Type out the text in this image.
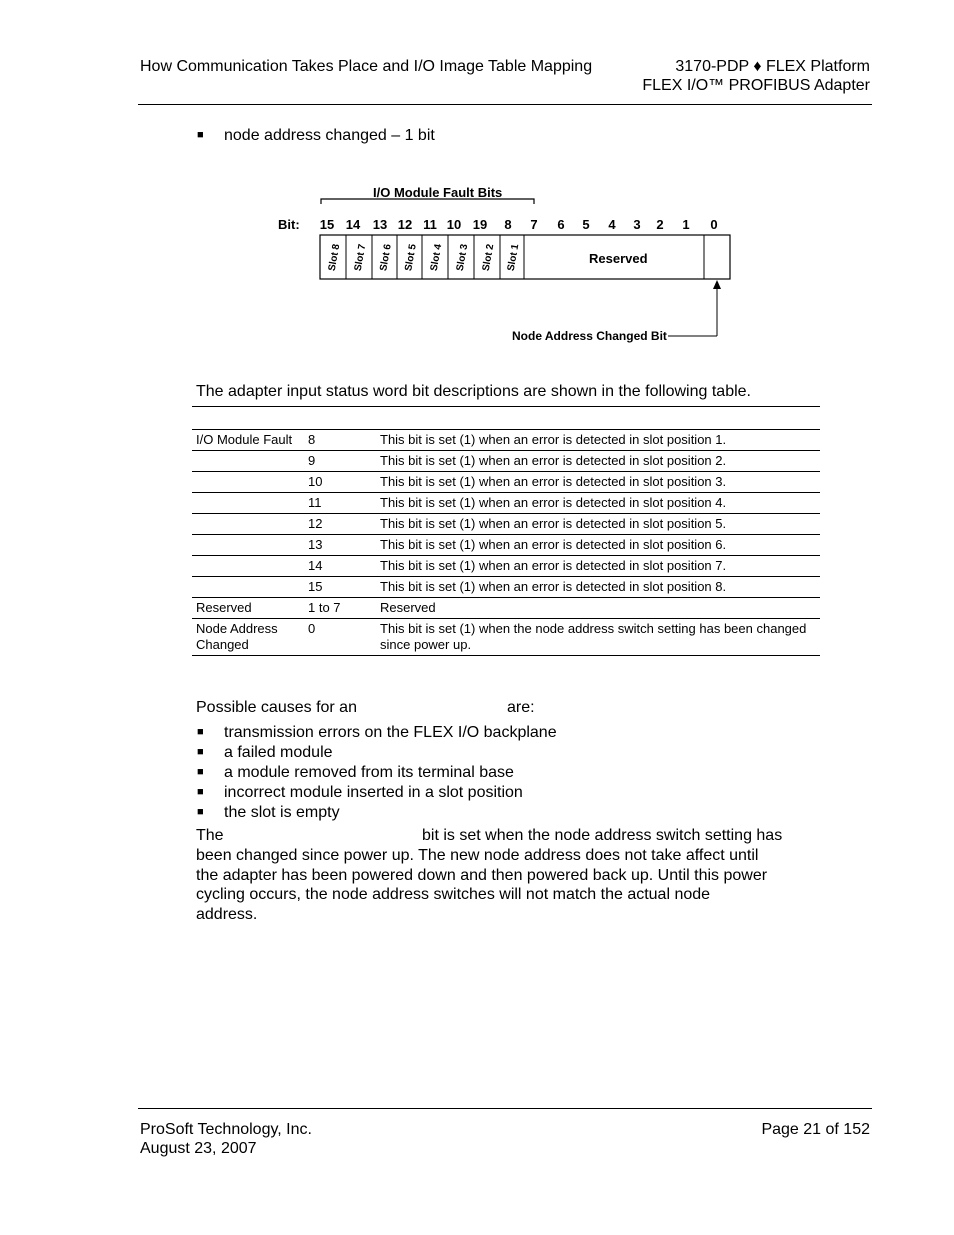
How Communication Takes Place and I/O Image Table Mapping	3170-PDP ♦ FLEX Platform
FLEX I/O™ PROFIBUS Adapter
■ node address changed – 1 bit
I/O Module Fault Bits
Bit: 15 14 13 12 11 10 19 8 7 6 5 4 3 2 1 0
Slot 8 Slot 7 Slot 6 Slot 5 Slot 4 Slot 3 Slot 2 Slot 1	Reserved
Node Address Changed Bit
The adapter input status word bit descriptions are shown in the following table.
I/O Module Fault	8	This bit is set (1) when an error is detected in slot position 1.
	9	This bit is set (1) when an error is detected in slot position 2.
	10	This bit is set (1) when an error is detected in slot position 3.
	11	This bit is set (1) when an error is detected in slot position 4.
	12	This bit is set (1) when an error is detected in slot position 5.
	13	This bit is set (1) when an error is detected in slot position 6.
	14	This bit is set (1) when an error is detected in slot position 7.
	15	This bit is set (1) when an error is detected in slot position 8.
Reserved	1 to 7	Reserved
Node Address Changed	0	This bit is set (1) when the node address switch setting has been changed since power up.
Possible causes for an	are:
■ transmission errors on the FLEX I/O backplane
■ a failed module
■ a module removed from its terminal base
■ incorrect module inserted in a slot position
■ the slot is empty
The	bit is set when the node address switch setting has
been changed since power up. The new node address does not take affect until
the adapter has been powered down and then powered back up. Until this power
cycling occurs, the node address switches will not match the actual node
address.
ProSoft Technology, Inc.
August 23, 2007
Page 21 of 152
